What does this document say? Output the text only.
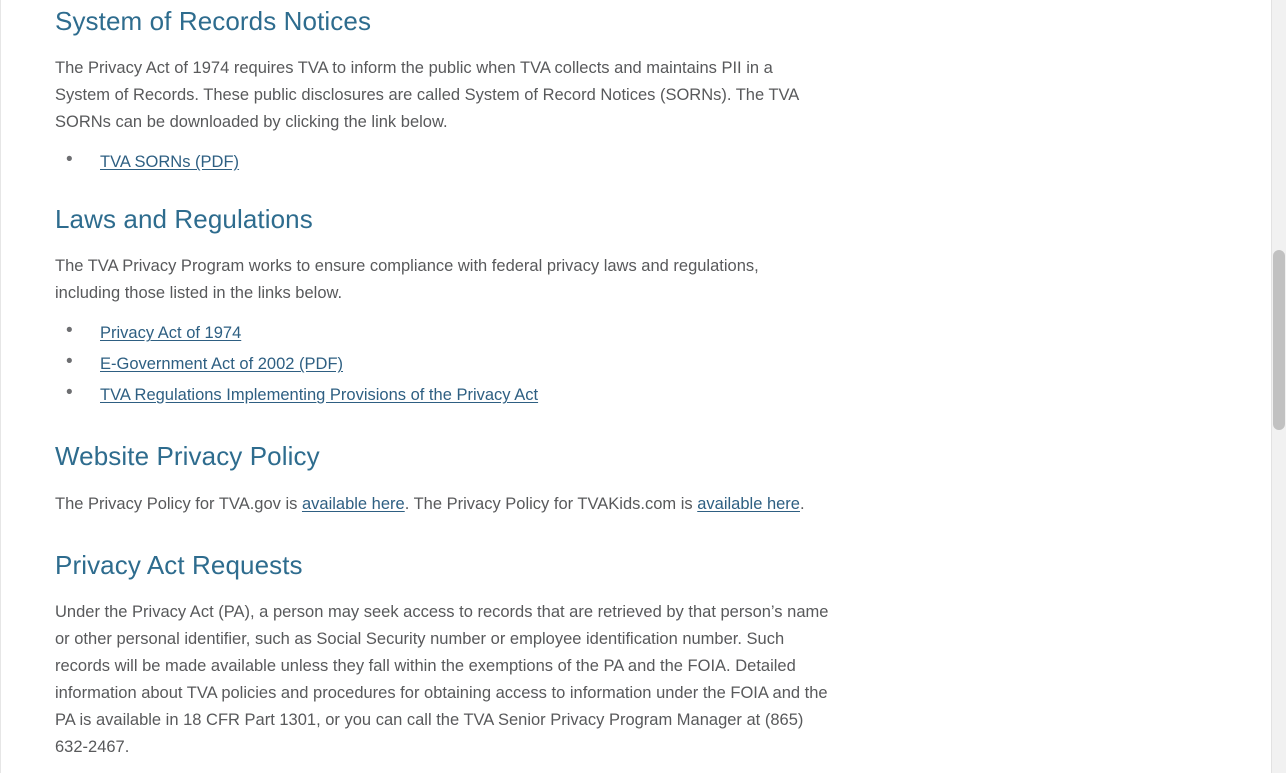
System of Records Notices

The Privacy Act of 1974 requires TVA to inform the public when TVA collects and maintains PII in a System of Records. These public disclosures are called System of Record Notices (SORNs). The TVA SORNs can be downloaded by clicking the link below.

• TVA SORNs (PDF)
Laws and Regulations

The TVA Privacy Program works to ensure compliance with federal privacy laws and regulations, including those listed in the links below.

• Privacy Act of 1974
• E-Government Act of 2002 (PDF)
• TVA Regulations Implementing Provisions of the Privacy Act
Website Privacy Policy

The Privacy Policy for TVA.gov is available here. The Privacy Policy for TVAKids.com is available here.

Privacy Act Requests

Under the Privacy Act (PA), a person may seek access to records that are retrieved by that person’s name or other personal identifier, such as Social Security number or employee identification number. Such records will be made available unless they fall within the exemptions of the PA and the FOIA. Detailed information about TVA policies and procedures for obtaining access to information under the FOIA and the PA is available in 18 CFR Part 1301, or you can call the TVA Senior Privacy Program Manager at (865) 632-2467.
